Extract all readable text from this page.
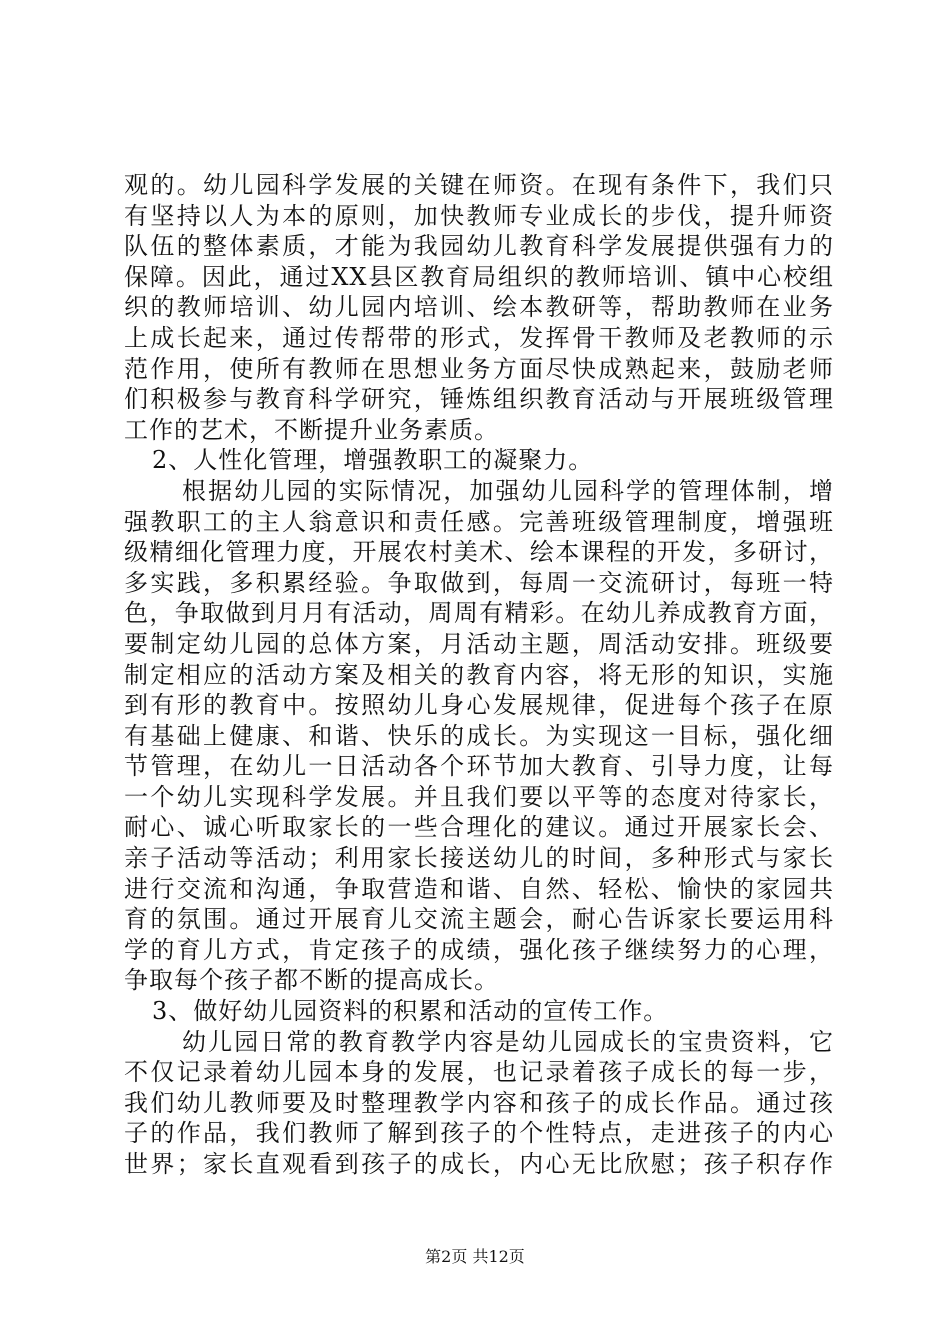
观的。幼儿园科学发展的关键在师资。在现有条件下，我们只
有坚持以人为本的原则，加快教师专业成长的步伐，提升师资
队伍的整体素质，才能为我园幼儿教育科学发展提供强有力的
保障。因此，通过XX县区教育局组织的教师培训、镇中心校组
织的教师培训、幼儿园内培训、绘本教研等，帮助教师在业务
上成长起来，通过传帮带的形式，发挥骨干教师及老教师的示
范作用，使所有教师在思想业务方面尽快成熟起来，鼓励老师
们积极参与教育科学研究，锤炼组织教育活动与开展班级管理
工作的艺术，不断提升业务素质。
2、人性化管理，增强教职工的凝聚力。
根据幼儿园的实际情况，加强幼儿园科学的管理体制，增
强教职工的主人翁意识和责任感。完善班级管理制度，增强班
级精细化管理力度，开展农村美术、绘本课程的开发，多研讨，
多实践，多积累经验。争取做到，每周一交流研讨，每班一特
色，争取做到月月有活动，周周有精彩。在幼儿养成教育方面，
要制定幼儿园的总体方案，月活动主题，周活动安排。班级要
制定相应的活动方案及相关的教育内容，将无形的知识，实施
到有形的教育中。按照幼儿身心发展规律，促进每个孩子在原
有基础上健康、和谐、快乐的成长。为实现这一目标，强化细
节管理，在幼儿一日活动各个环节加大教育、引导力度，让每
一个幼儿实现科学发展。并且我们要以平等的态度对待家长，
耐心、诚心听取家长的一些合理化的建议。通过开展家长会、
亲子活动等活动；利用家长接送幼儿的时间，多种形式与家长
进行交流和沟通，争取营造和谐、自然、轻松、愉快的家园共
育的氛围。通过开展育儿交流主题会，耐心告诉家长要运用科
学的育儿方式，肯定孩子的成绩，强化孩子继续努力的心理，
争取每个孩子都不断的提高成长。
3、做好幼儿园资料的积累和活动的宣传工作。
幼儿园日常的教育教学内容是幼儿园成长的宝贵资料，它
不仅记录着幼儿园本身的发展，也记录着孩子成长的每一步，
我们幼儿教师要及时整理教学内容和孩子的成长作品。通过孩
子的作品，我们教师了解到孩子的个性特点，走进孩子的内心
世界；家长直观看到孩子的成长，内心无比欣慰；孩子积存作
第2页 共12页
